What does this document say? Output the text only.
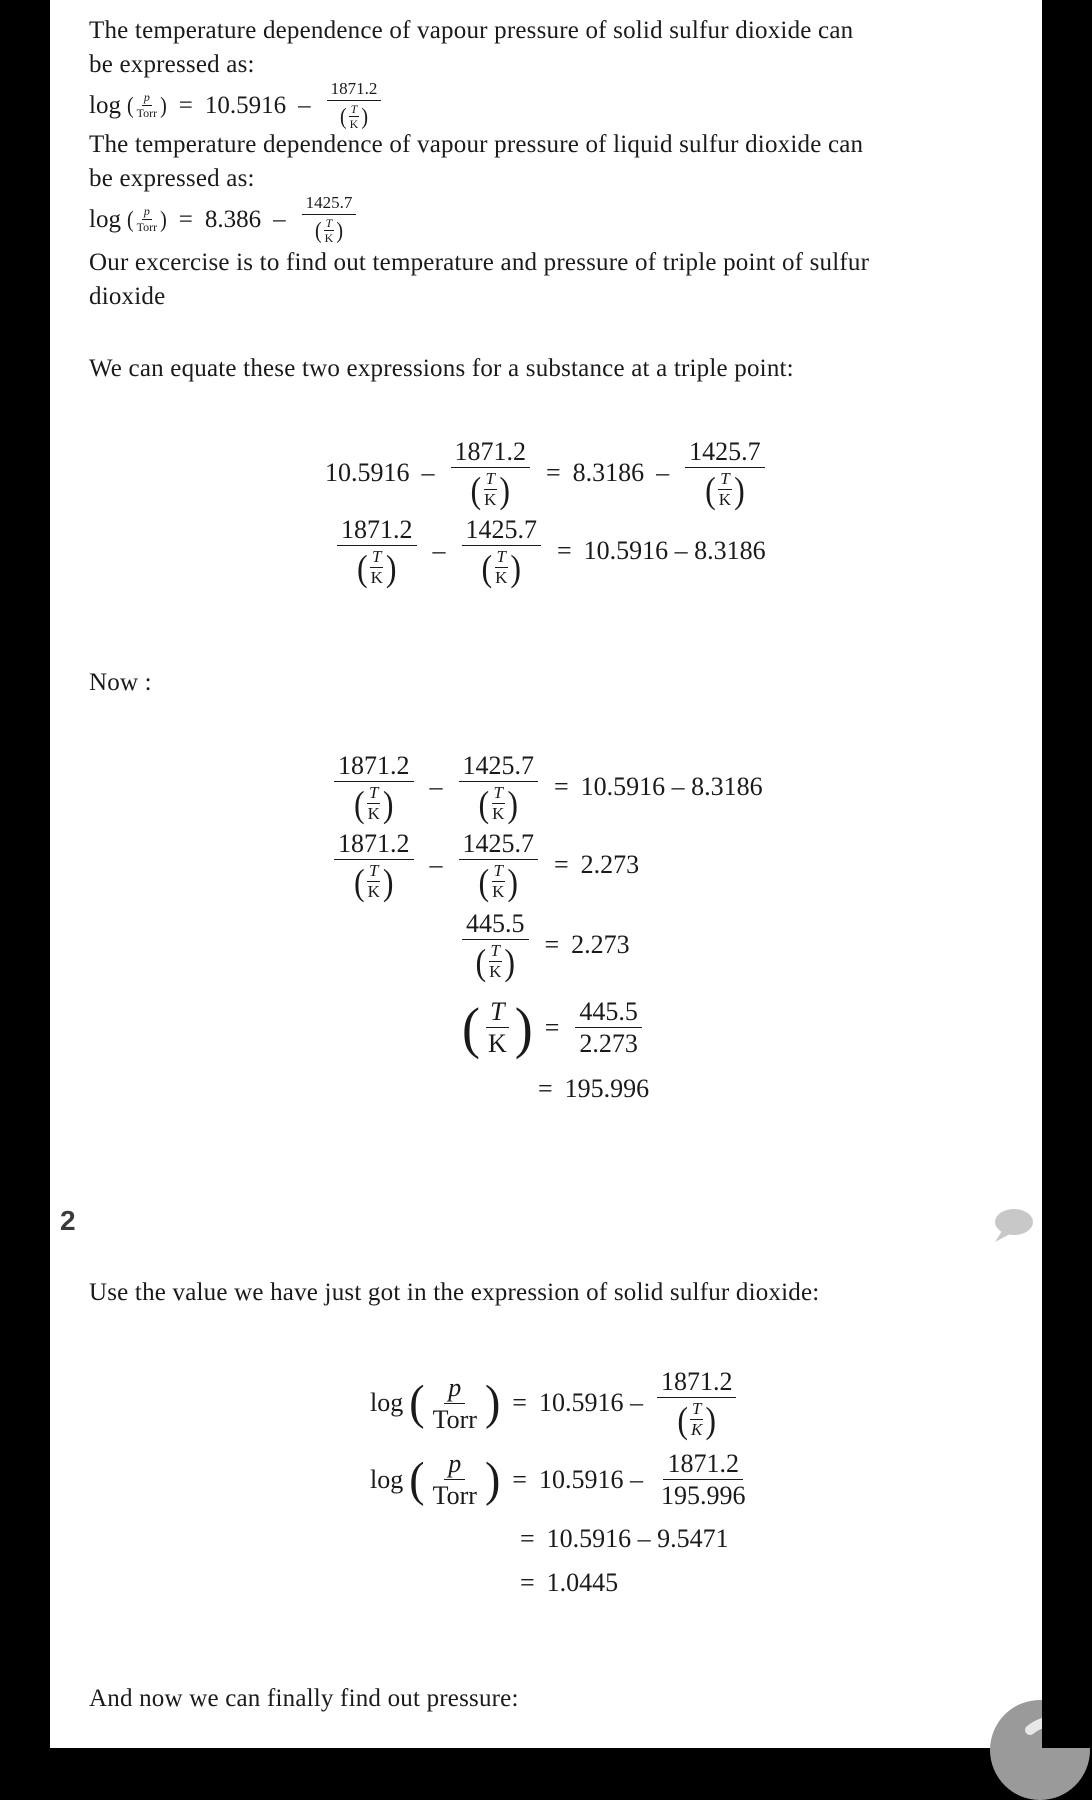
The temperature dependence of vapour pressure of solid sulfur dioxide can
be expressed as:
log ( $\frac{p}{\text{Torr}}$ ) = $10.5916 - \frac{1871.2}{( \frac{T}{K} )}$
The temperature dependence of vapour pressure of liquid sulfur dioxide can
be expressed as:
log ( $\frac{p}{\text{Torr}}$ ) = $8.386 - \frac{1425.7}{( \frac{T}{K} )}$
Our excercise is to find out temperature and pressure of triple point of sulfur
dioxide
We can equate these two expressions for a substance at a triple point:
$10.5916 - \frac{1871.2}{( \frac{T}{K} )} = 8.3186 - \frac{1425.7}{( \frac{T}{K} )}$
$\frac{1871.2}{( \frac{T}{K} )} - \frac{1425.7}{( \frac{T}{K} )} = 10.5916 - 8.3186$
Now :
$\frac{1871.2}{( \frac{T}{K} )} - \frac{1425.7}{( \frac{T}{K} )} = 10.5916 - 8.3186$
$\frac{1871.2}{( \frac{T}{K} )} - \frac{1425.7}{( \frac{T}{K} )} = 2.273$
$\frac{445.5}{( \frac{T}{K} )} = 2.273$
( $\frac{T}{K}$ ) = $\frac{445.5}{2.273}$
= 195.996
Use the value we have just got in the expression of solid sulfur dioxide:
log ( $\frac{p}{\text{Torr}}$ ) = $10.5916 - \frac{1871.2}{( \frac{T}{K} )}$
log ( $\frac{p}{\text{Torr}}$ ) = $10.5916 - \frac{1871.2}{195.996}$
= 10.5916 – 9.5471
= 1.0445
And now we can finally find out pressure:
2
